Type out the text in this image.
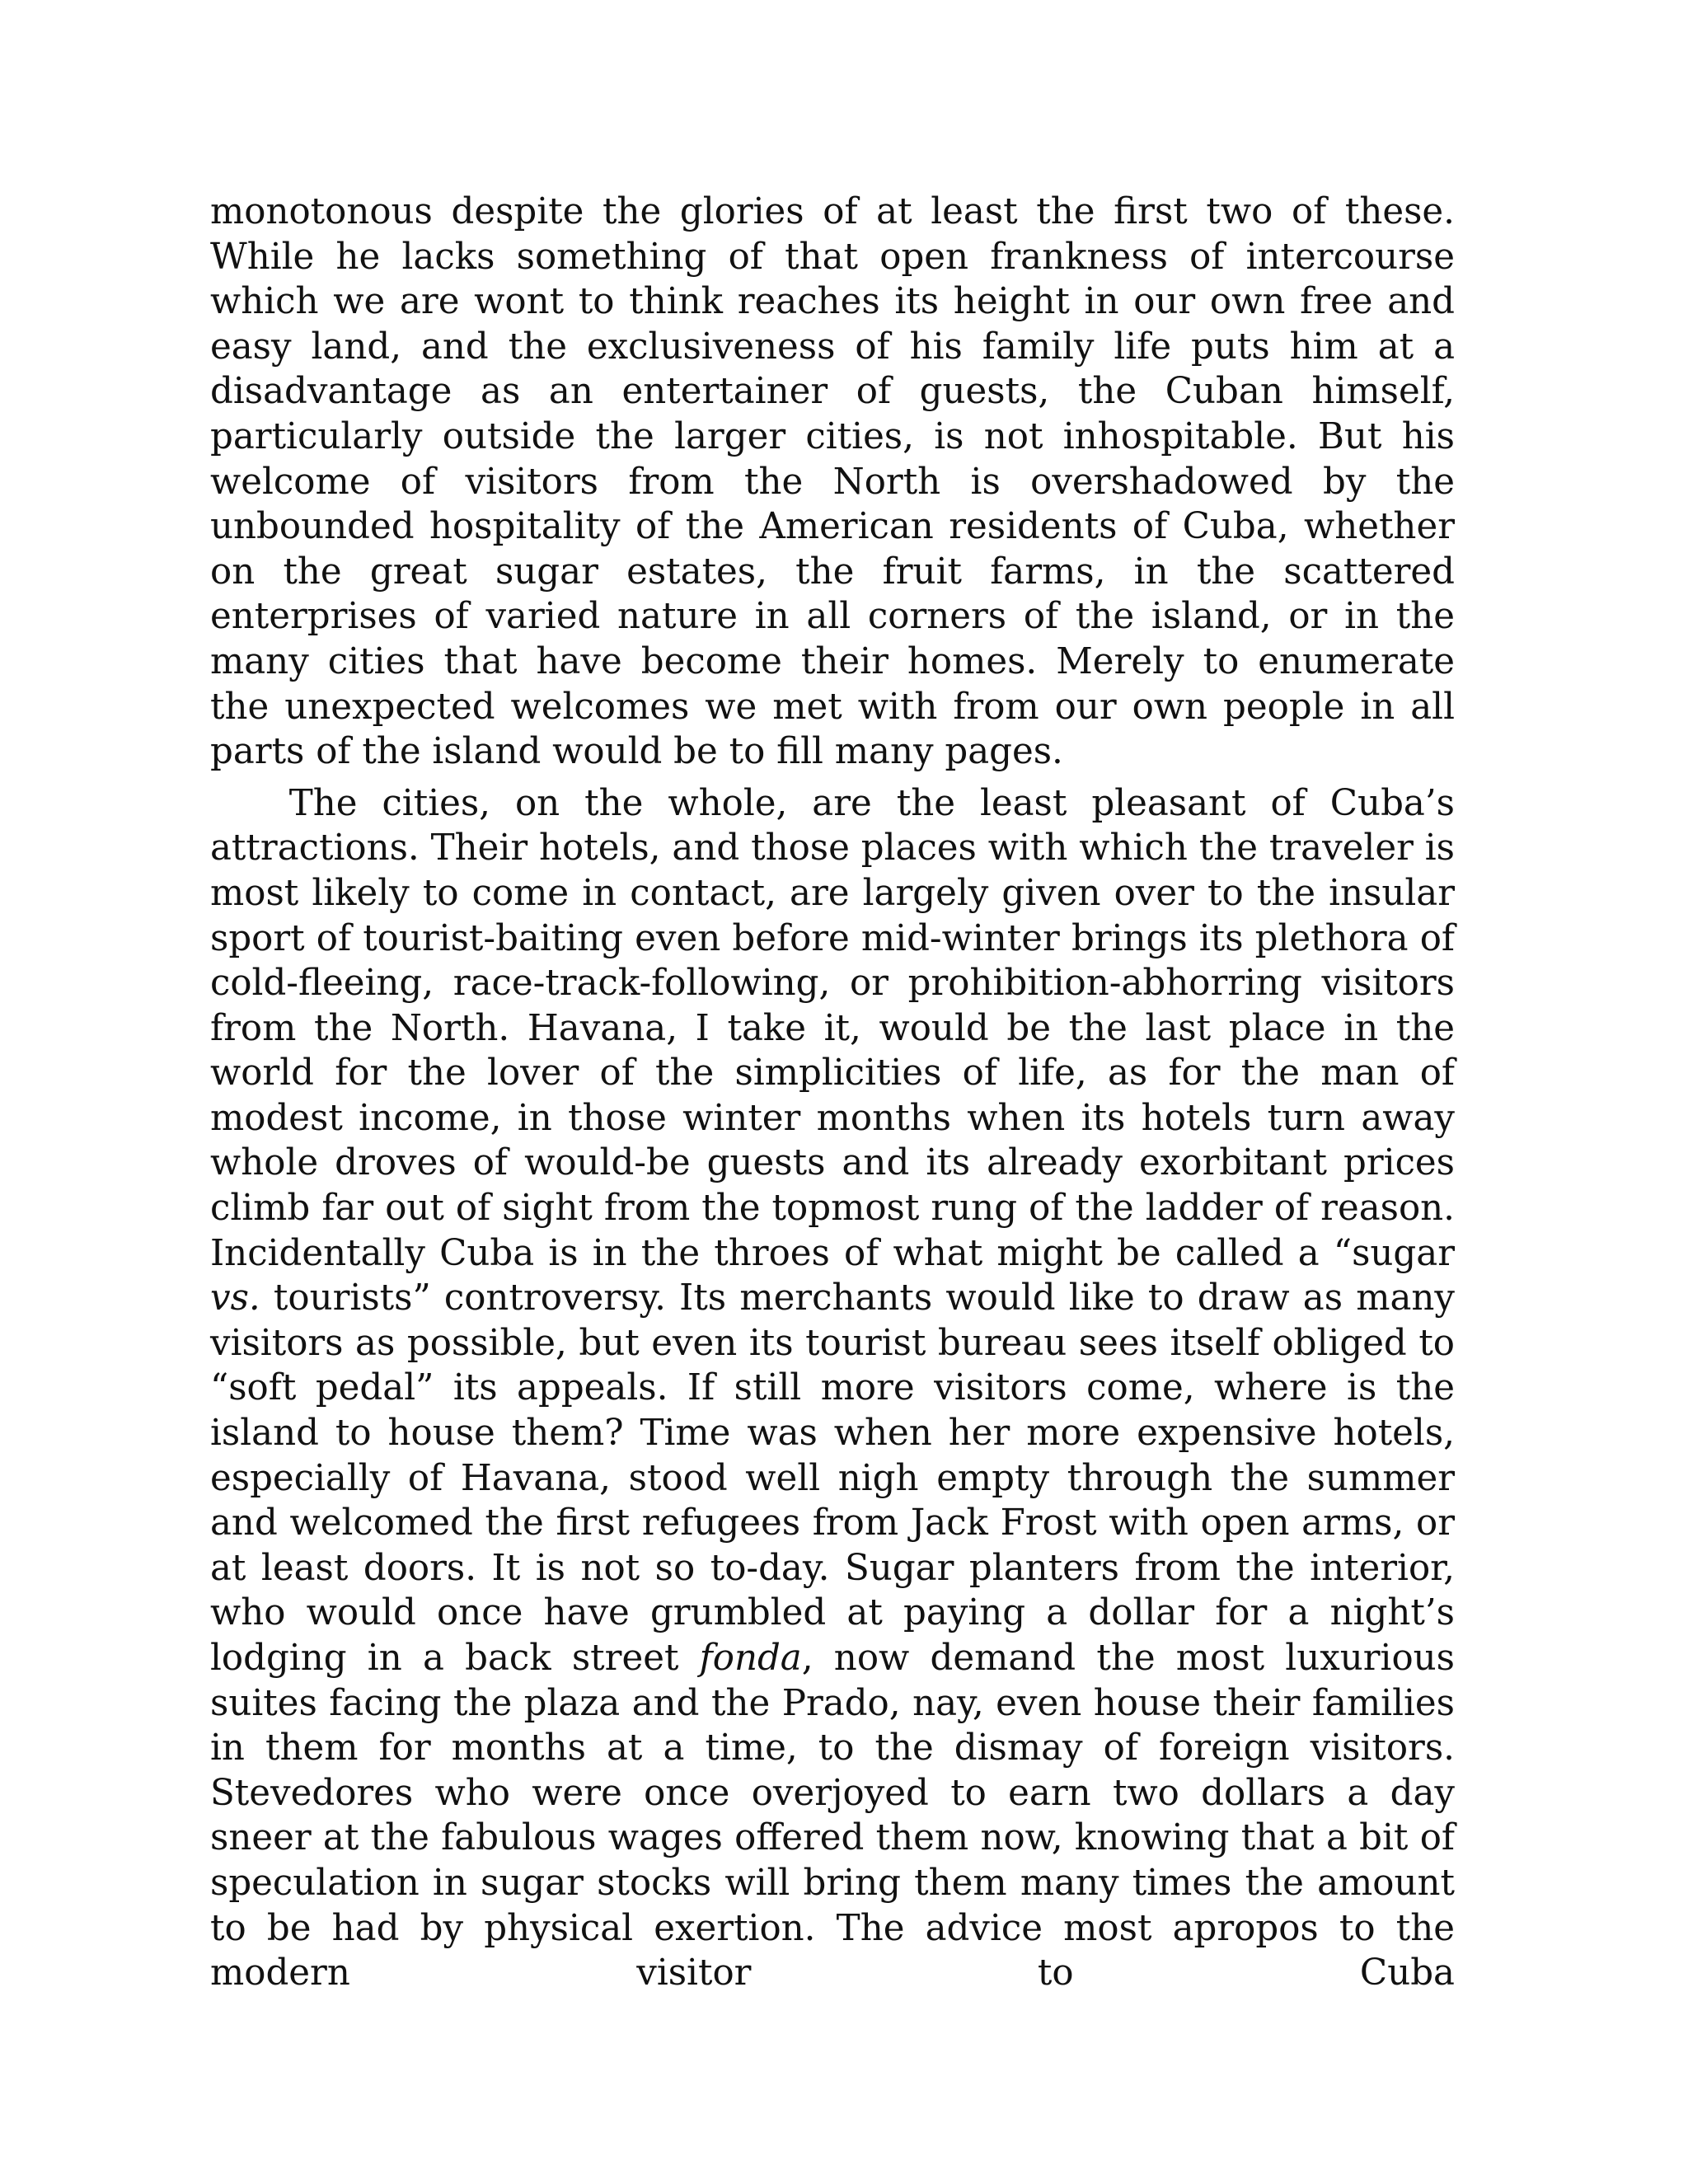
monotonous despite the glories of at least the first two of these. While he lacks something of that open frankness of intercourse which we are wont to think reaches its height in our own free and easy land, and the exclusiveness of his family life puts him at a disadvantage as an entertainer of guests, the Cuban himself, particularly outside the larger cities, is not inhospitable. But his welcome of visitors from the North is overshadowed by the unbounded hospitality of the American residents of Cuba, whether on the great sugar estates, the fruit farms, in the scattered enterprises of varied nature in all corners of the island, or in the many cities that have become their homes. Merely to enumerate the unexpected welcomes we met with from our own people in all parts of the island would be to fill many pages.

The cities, on the whole, are the least pleasant of Cuba’s attractions. Their hotels, and those places with which the traveler is most likely to come in contact, are largely given over to the insular sport of tourist-baiting even before mid-winter brings its plethora of cold-fleeing, race-track-following, or prohibition-abhorring visitors from the North. Havana, I take it, would be the last place in the world for the lover of the simplicities of life, as for the man of modest income, in those winter months when its hotels turn away whole droves of would-be guests and its already exorbitant prices climb far out of sight from the topmost rung of the ladder of reason. Incidentally Cuba is in the throes of what might be called a “sugar vs. tourists” controversy. Its merchants would like to draw as many visitors as possible, but even its tourist bureau sees itself obliged to “soft pedal” its appeals. If still more visitors come, where is the island to house them? Time was when her more expensive hotels, especially of Havana, stood well nigh empty through the summer and welcomed the first refugees from Jack Frost with open arms, or at least doors. It is not so to-day. Sugar planters from the interior, who would once have grumbled at paying a dollar for a night’s lodging in a back street fonda, now demand the most luxurious suites facing the plaza and the Prado, nay, even house their families in them for months at a time, to the dismay of foreign visitors. Stevedores who were once overjoyed to earn two dollars a day sneer at the fabulous wages offered them now, knowing that a bit of speculation in sugar stocks will bring them many times the amount to be had by physical exertion. The advice most apropos to the modern visitor to Cuba
